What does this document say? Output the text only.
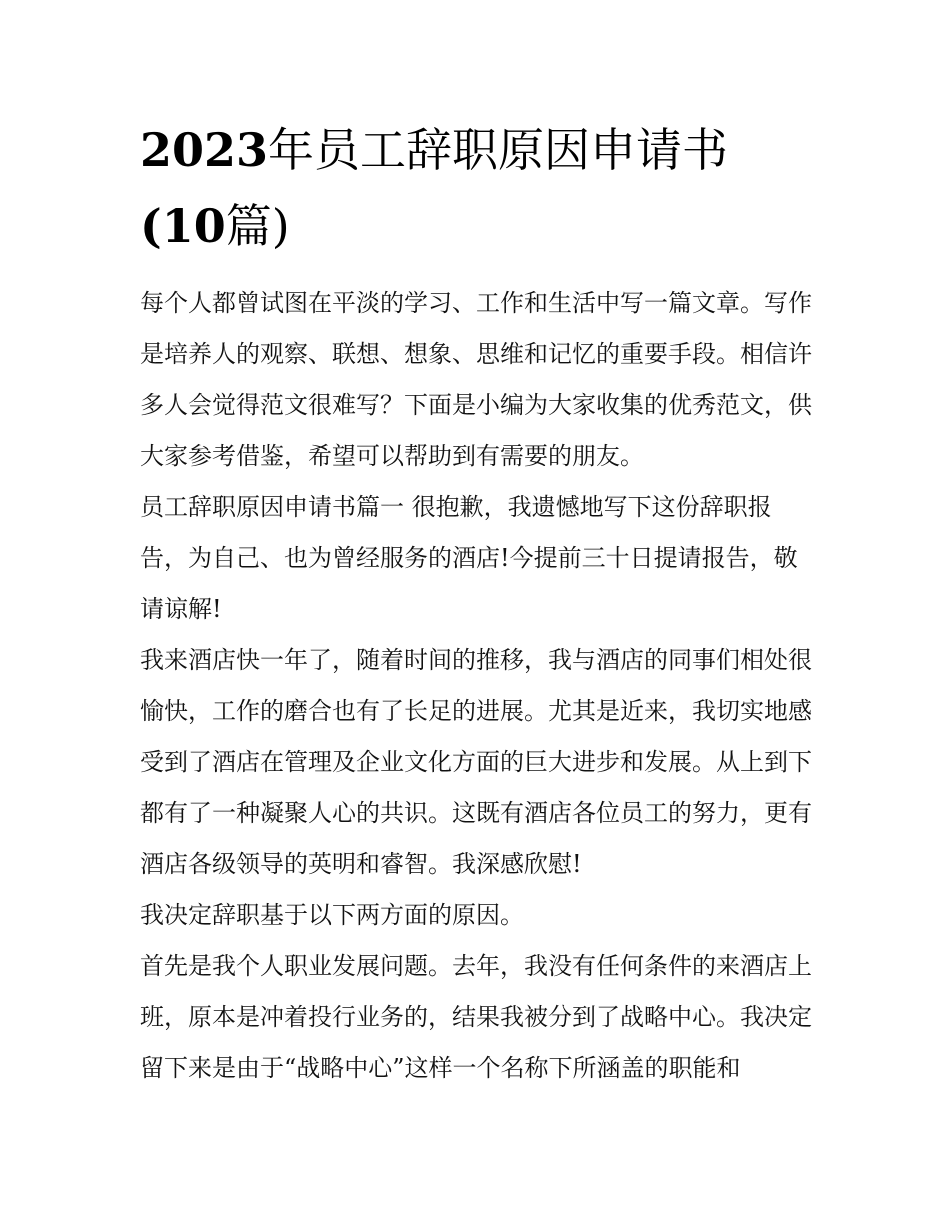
2023年员工辞职原因申请书
(10篇)

每个人都曾试图在平淡的学习、工作和生活中写一篇文章。写作是培养人的观察、联想、想象、思维和记忆的重要手段。相信许多人会觉得范文很难写？下面是小编为大家收集的优秀范文，供大家参考借鉴，希望可以帮助到有需要的朋友。

员工辞职原因申请书篇一 很抱歉，我遗憾地写下这份辞职报告，为自己、也为曾经服务的酒店!今提前三十日提请报告，敬请谅解!

我来酒店快一年了，随着时间的推移，我与酒店的同事们相处很愉快，工作的磨合也有了长足的进展。尤其是近来，我切实地感受到了酒店在管理及企业文化方面的巨大进步和发展。从上到下都有了一种凝聚人心的共识。这既有酒店各位员工的努力，更有酒店各级领导的英明和睿智。我深感欣慰!

我决定辞职基于以下两方面的原因。

首先是我个人职业发展问题。去年，我没有任何条件的来酒店上班，原本是冲着投行业务的，结果我被分到了战略中心。我决定留下来是由于“战略中心”这样一个名称下所涵盖的职能和
